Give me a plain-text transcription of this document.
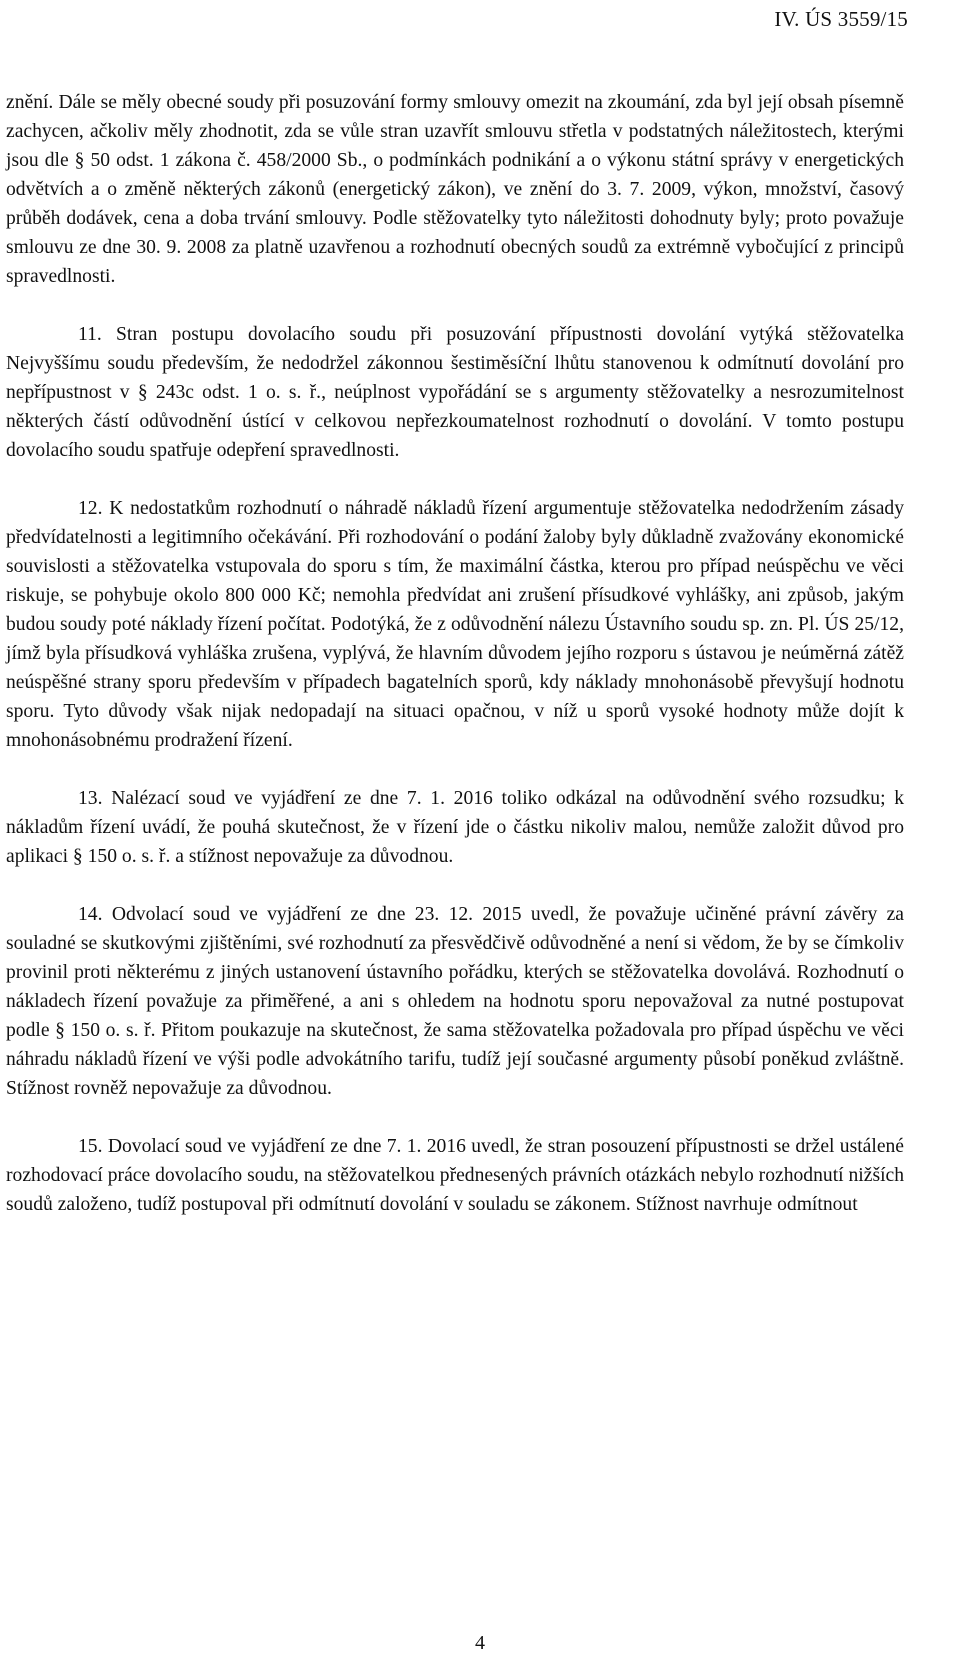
IV. ÚS 3559/15

znění. Dále se měly obecné soudy při posuzování formy smlouvy omezit na zkoumání, zda byl její obsah písemně zachycen, ačkoliv měly zhodnotit, zda se vůle stran uzavřít smlouvu střetla v podstatných náležitostech, kterými jsou dle § 50 odst. 1 zákona č. 458/2000 Sb., o podmínkách podnikání a o výkonu státní správy v energetických odvětvích a o změně některých zákonů (energetický zákon), ve znění do 3. 7. 2009, výkon, množství, časový průběh dodávek, cena a doba trvání smlouvy. Podle stěžovatelky tyto náležitosti dohodnuty byly; proto považuje smlouvu ze dne 30. 9. 2008 za platně uzavřenou a rozhodnutí obecných soudů za extrémně vybočující z principů spravedlnosti.

11. Stran postupu dovolacího soudu při posuzování přípustnosti dovolání vytýká stěžovatelka Nejvyššímu soudu především, že nedodržel zákonnou šestiměsíční lhůtu stanovenou k odmítnutí dovolání pro nepřípustnost v § 243c odst. 1 o. s. ř., neúplnost vypořádání se s argumenty stěžovatelky a nesrozumitelnost některých částí odůvodnění ústící v celkovou nepřezkoumatelnost rozhodnutí o dovolání. V tomto postupu dovolacího soudu spatřuje odepření spravedlnosti.

12. K nedostatkům rozhodnutí o náhradě nákladů řízení argumentuje stěžovatelka nedodržením zásady předvídatelnosti a legitimního očekávání. Při rozhodování o podání žaloby byly důkladně zvažovány ekonomické souvislosti a stěžovatelka vstupovala do sporu s tím, že maximální částka, kterou pro případ neúspěchu ve věci riskuje, se pohybuje okolo 800 000 Kč; nemohla předvídat ani zrušení přísudkové vyhlášky, ani způsob, jakým budou soudy poté náklady řízení počítat. Podotýká, že z odůvodnění nálezu Ústavního soudu sp. zn. Pl. ÚS 25/12, jímž byla přísudková vyhláška zrušena, vyplývá, že hlavním důvodem jejího rozporu s ústavou je neúměrná zátěž neúspěšné strany sporu především v případech bagatelních sporů, kdy náklady mnohonásobě převyšují hodnotu sporu. Tyto důvody však nijak nedopadají na situaci opačnou, v níž u sporů vysoké hodnoty může dojít k mnohonásobnému prodražení řízení.

13. Nalézací soud ve vyjádření ze dne 7. 1. 2016 toliko odkázal na odůvodnění svého rozsudku; k nákladům řízení uvádí, že pouhá skutečnost, že v řízení jde o částku nikoliv malou, nemůže založit důvod pro aplikaci § 150 o. s. ř. a stížnost nepovažuje za důvodnou.

14. Odvolací soud ve vyjádření ze dne 23. 12. 2015 uvedl, že považuje učiněné právní závěry za souladné se skutkovými zjištěními, své rozhodnutí za přesvědčivě odůvodněné a není si vědom, že by se čímkoliv provinil proti některému z jiných ustanovení ústavního pořádku, kterých se stěžovatelka dovolává. Rozhodnutí o nákladech řízení považuje za přiměřené, a ani s ohledem na hodnotu sporu nepovažoval za nutné postupovat podle § 150 o. s. ř. Přitom poukazuje na skutečnost, že sama stěžovatelka požadovala pro případ úspěchu ve věci náhradu nákladů řízení ve výši podle advokátního tarifu, tudíž její současné argumenty působí poněkud zvláštně. Stížnost rovněž nepovažuje za důvodnou.

15. Dovolací soud ve vyjádření ze dne 7. 1. 2016 uvedl, že stran posouzení přípustnosti se držel ustálené rozhodovací práce dovolacího soudu, na stěžovatelkou přednesených právních otázkách nebylo rozhodnutí nižších soudů založeno, tudíž postupoval při odmítnutí dovolání v souladu se zákonem. Stížnost navrhuje odmítnout

4
